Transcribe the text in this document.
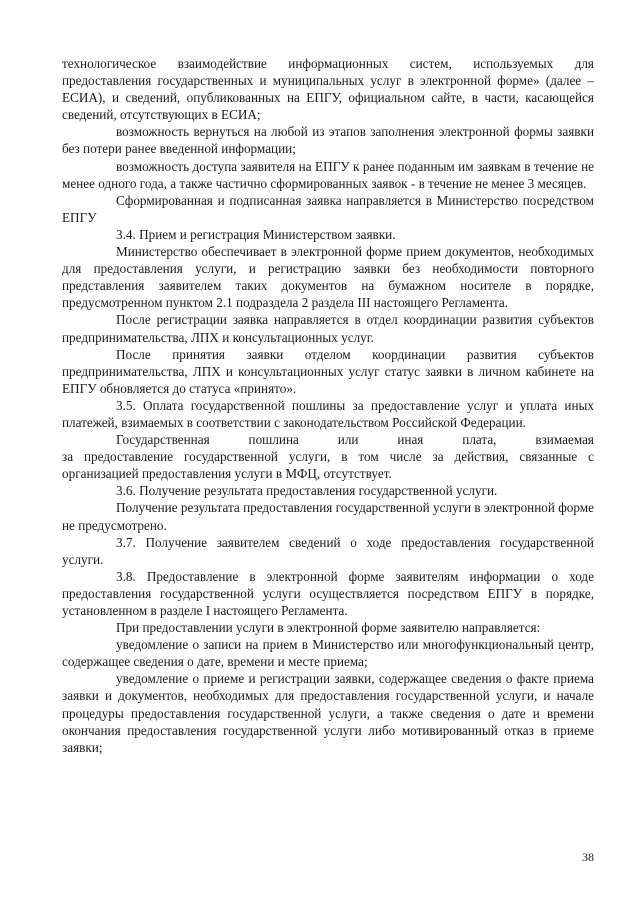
технологическое взаимодействие информационных систем, используемых для предоставления государственных и муниципальных услуг в электронной форме» (далее – ЕСИА), и сведений, опубликованных на ЕПГУ, официальном сайте, в части, касающейся сведений, отсутствующих в ЕСИА;

возможность вернуться на любой из этапов заполнения электронной формы заявки без потери ранее введенной информации;

возможность доступа заявителя на ЕПГУ к ранее поданным им заявкам в течение не менее одного года, а также частично сформированных заявок - в течение не менее 3 месяцев.

Сформированная и подписанная заявка направляется в Министерство посредством ЕПГУ

3.4. Прием и регистрация Министерством заявки.

Министерство обеспечивает в электронной форме прием документов, необходимых для предоставления услуги, и регистрацию заявки без необходимости повторного представления заявителем таких документов на бумажном носителе в порядке, предусмотренном пунктом 2.1 подраздела 2 раздела III настоящего Регламента.

После регистрации заявка направляется в отдел координации развития субъектов предпринимательства, ЛПХ и консультационных услуг.

После принятия заявки отделом координации развития субъектов предпринимательства, ЛПХ и консультационных услуг статус заявки в личном кабинете на ЕПГУ обновляется до статуса «принято».

3.5. Оплата государственной пошлины за предоставление услуг и уплата иных платежей, взимаемых в соответствии с законодательством Российской Федерации.

Государственная пошлина или иная плата, взимаемая

за предоставление государственной услуги, в том числе за действия, связанные с организацией предоставления услуги в МФЦ, отсутствует.

3.6. Получение результата предоставления государственной услуги.

Получение результата предоставления государственной услуги в электронной форме не предусмотрено.

3.7. Получение заявителем сведений о ходе предоставления государственной услуги.

3.8. Предоставление в электронной форме заявителям информации о ходе предоставления государственной услуги осуществляется посредством ЕПГУ в порядке, установленном в разделе I настоящего Регламента.

При предоставлении услуги в электронной форме заявителю направляется:

уведомление о записи на прием в Министерство или многофункциональный центр, содержащее сведения о дате, времени и месте приема;

уведомление о приеме и регистрации заявки, содержащее сведения о факте приема заявки и документов, необходимых для предоставления государственной услуги, и начале процедуры предоставления государственной услуги, а также сведения о дате и времени окончания предоставления государственной услуги либо мотивированный отказ в приеме заявки;

38
